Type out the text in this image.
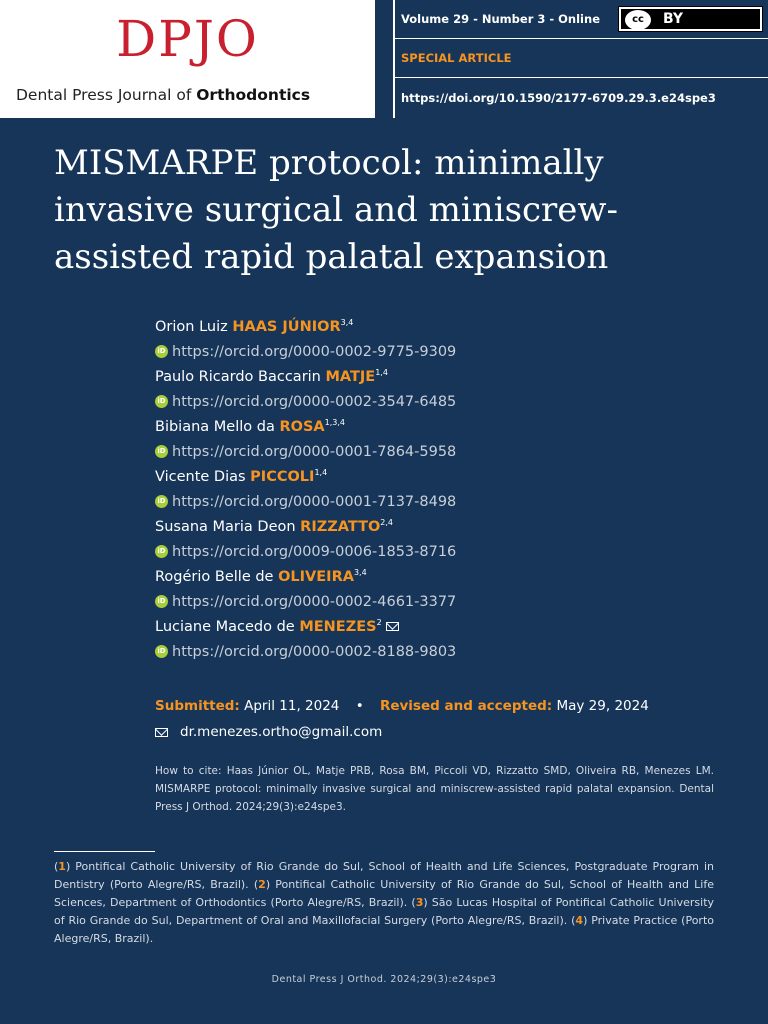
DPJO
Dental Press Journal of Orthodontics
Volume 29 - Number 3 - Online	cc	BY
SPECIAL ARTICLE
https://doi.org/10.1590/2177-6709.29.3.e24spe3
MISMARPE protocol: minimally invasive surgical and miniscrew-assisted rapid palatal expansion
Orion Luiz HAAS JÚNIOR$^{3,4}$
iD https://orcid.org/0000-0002-9775-9309
Paulo Ricardo Baccarin MATJE$^{1,4}$
iD https://orcid.org/0000-0002-3547-6485
Bibiana Mello da ROSA$^{1,3,4}$
iD https://orcid.org/0000-0001-7864-5958
Vicente Dias PICCOLI$^{1,4}$
iD https://orcid.org/0000-0001-7137-8498
Susana Maria Deon RIZZATTO$^{2,4}$
iD https://orcid.org/0009-0006-1853-8716
Rogério Belle de OLIVEIRA$^{3,4}$
iD https://orcid.org/0000-0002-4661-3377
Luciane Macedo de MENEZES$^2$
iD https://orcid.org/0000-0002-8188-9803
Submitted: April 11, 2024 • Revised and accepted: May 29, 2024
dr.menezes.ortho@gmail.com
How to cite: Haas Júnior OL, Matje PRB, Rosa BM, Piccoli VD, Rizzatto SMD, Oliveira RB, Menezes LM. MISMARPE protocol: minimally invasive surgical and miniscrew-assisted rapid palatal expansion. Dental Press J Orthod. 2024;29(3):e24spe3.
(1) Pontifical Catholic University of Rio Grande do Sul, School of Health and Life Sciences, Postgraduate Program in Dentistry (Porto Alegre/RS, Brazil). (2) Pontifical Catholic University of Rio Grande do Sul, School of Health and Life Sciences, Department of Orthodontics (Porto Alegre/RS, Brazil). (3) São Lucas Hospital of Pontifical Catholic University of Rio Grande do Sul, Department of Oral and Maxillofacial Surgery (Porto Alegre/RS, Brazil). (4) Private Practice (Porto Alegre/RS, Brazil).
Dental Press J Orthod. 2024;29(3):e24spe3
